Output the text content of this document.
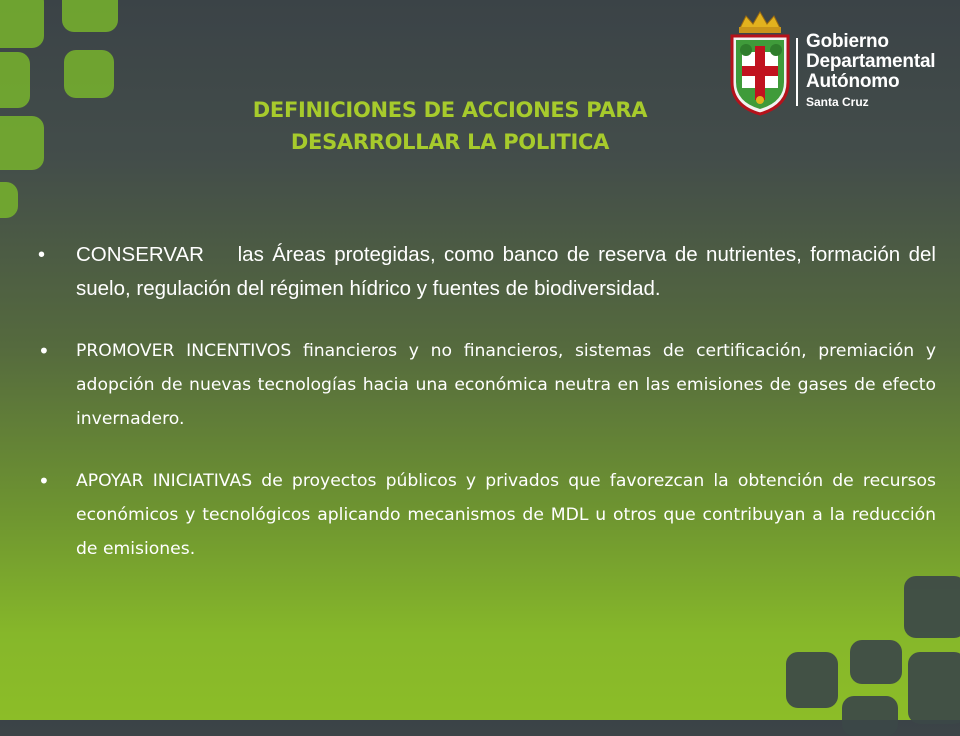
Gobierno
Departamental
Autónomo
Santa Cruz
DEFINICIONES DE ACCIONES PARA
DESARROLLAR LA POLITICA
• CONSERVAR las Áreas protegidas, como banco de reserva de nutrientes, formación del suelo, regulación del régimen hídrico y fuentes de biodiversidad.
• PROMOVER INCENTIVOS financieros y no financieros, sistemas de certificación, premiación y adopción de nuevas tecnologías hacia una económica neutra en las emisiones de gases de efecto invernadero.
• APOYAR INICIATIVAS de proyectos públicos y privados que favorezcan la obtención de recursos económicos y tecnológicos aplicando mecanismos de MDL u otros que contribuyan a la reducción de emisiones.
